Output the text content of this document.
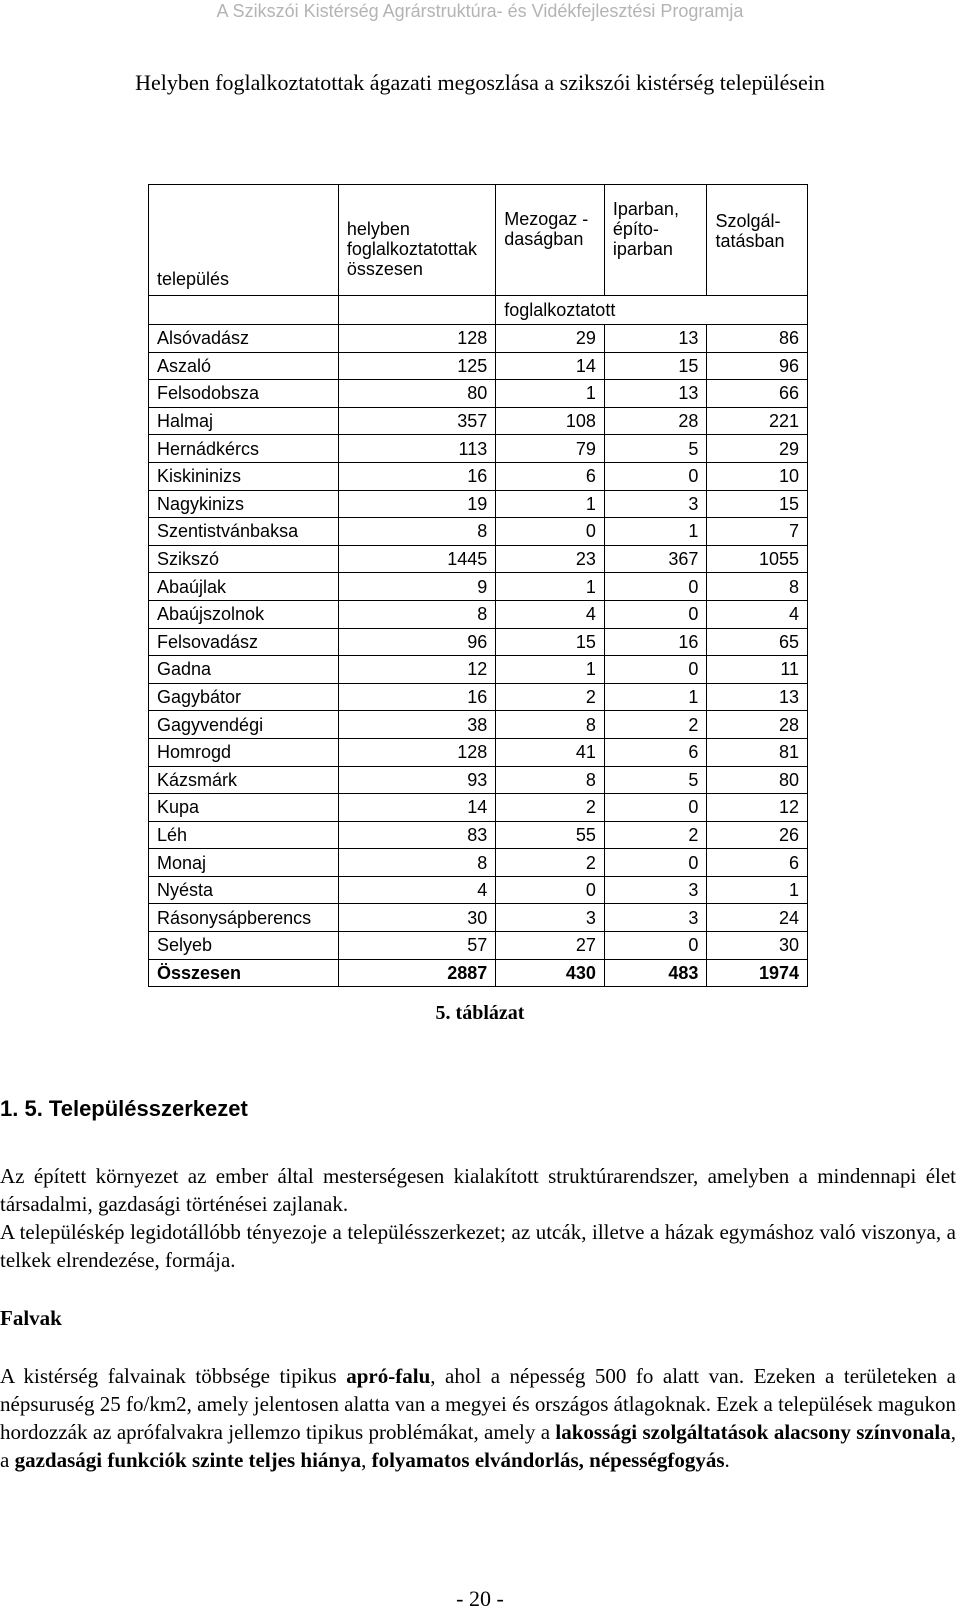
A Szikszói Kistérség Agrárstruktúra- és Vidékfejlesztési Programja
Helyben foglalkoztatottak ágazati megoszlása a szikszói kistérség településein
település	helyben foglalkoztatottak összesen	Mezogaz - daságban	Iparban, építo- iparban	Szolgál- tatásban

		foglalkoztatott		
Alsóvadász	128	29	13	86
Aszaló	125	14	15	96
Felsodobsza	80	1	13	66
Halmaj	357	108	28	221
Hernádkércs	113	79	5	29
Kiskininizs	16	6	0	10
Nagykinizs	19	1	3	15
Szentistvánbaksa	8	0	1	7
Szikszó	1445	23	367	1055
Abaújlak	9	1	0	8
Abaújszolnok	8	4	0	4
Felsovadász	96	15	16	65
Gadna	12	1	0	11
Gagybátor	16	2	1	13
Gagyvendégi	38	8	2	28
Homrogd	128	41	6	81
Kázsmárk	93	8	5	80
Kupa	14	2	0	12
Léh	83	55	2	26
Monaj	8	2	0	6
Nyésta	4	0	3	1
Rásonysápberencs	30	3	3	24
Selyeb	57	27	0	30
Összesen	2887	430	483	1974
5. táblázat
1. 5. Településszerkezet
Az épített környezet az ember által mesterségesen kialakított struktúrarendszer, amelyben a mindennapi élet társadalmi, gazdasági történései zajlanak.
A településkép legidotállóbb tényezoje a településszerkezet; az utcák, illetve a házak egymáshoz való viszonya, a telkek elrendezése, formája.
Falvak
A kistérség falvainak többsége tipikus apró-falu, ahol a népesség 500 fo alatt van. Ezeken a területeken a népsuruség 25 fo/km2, amely jelentosen alatta van a megyei és országos átlagoknak. Ezek a települések magukon hordozzák az aprófalvakra jellemzo tipikus problémákat, amely a lakossági szolgáltatások alacsony színvonala, a gazdasági funkciók szinte teljes hiánya, folyamatos elvándorlás, népességfogyás.
- 20 -
